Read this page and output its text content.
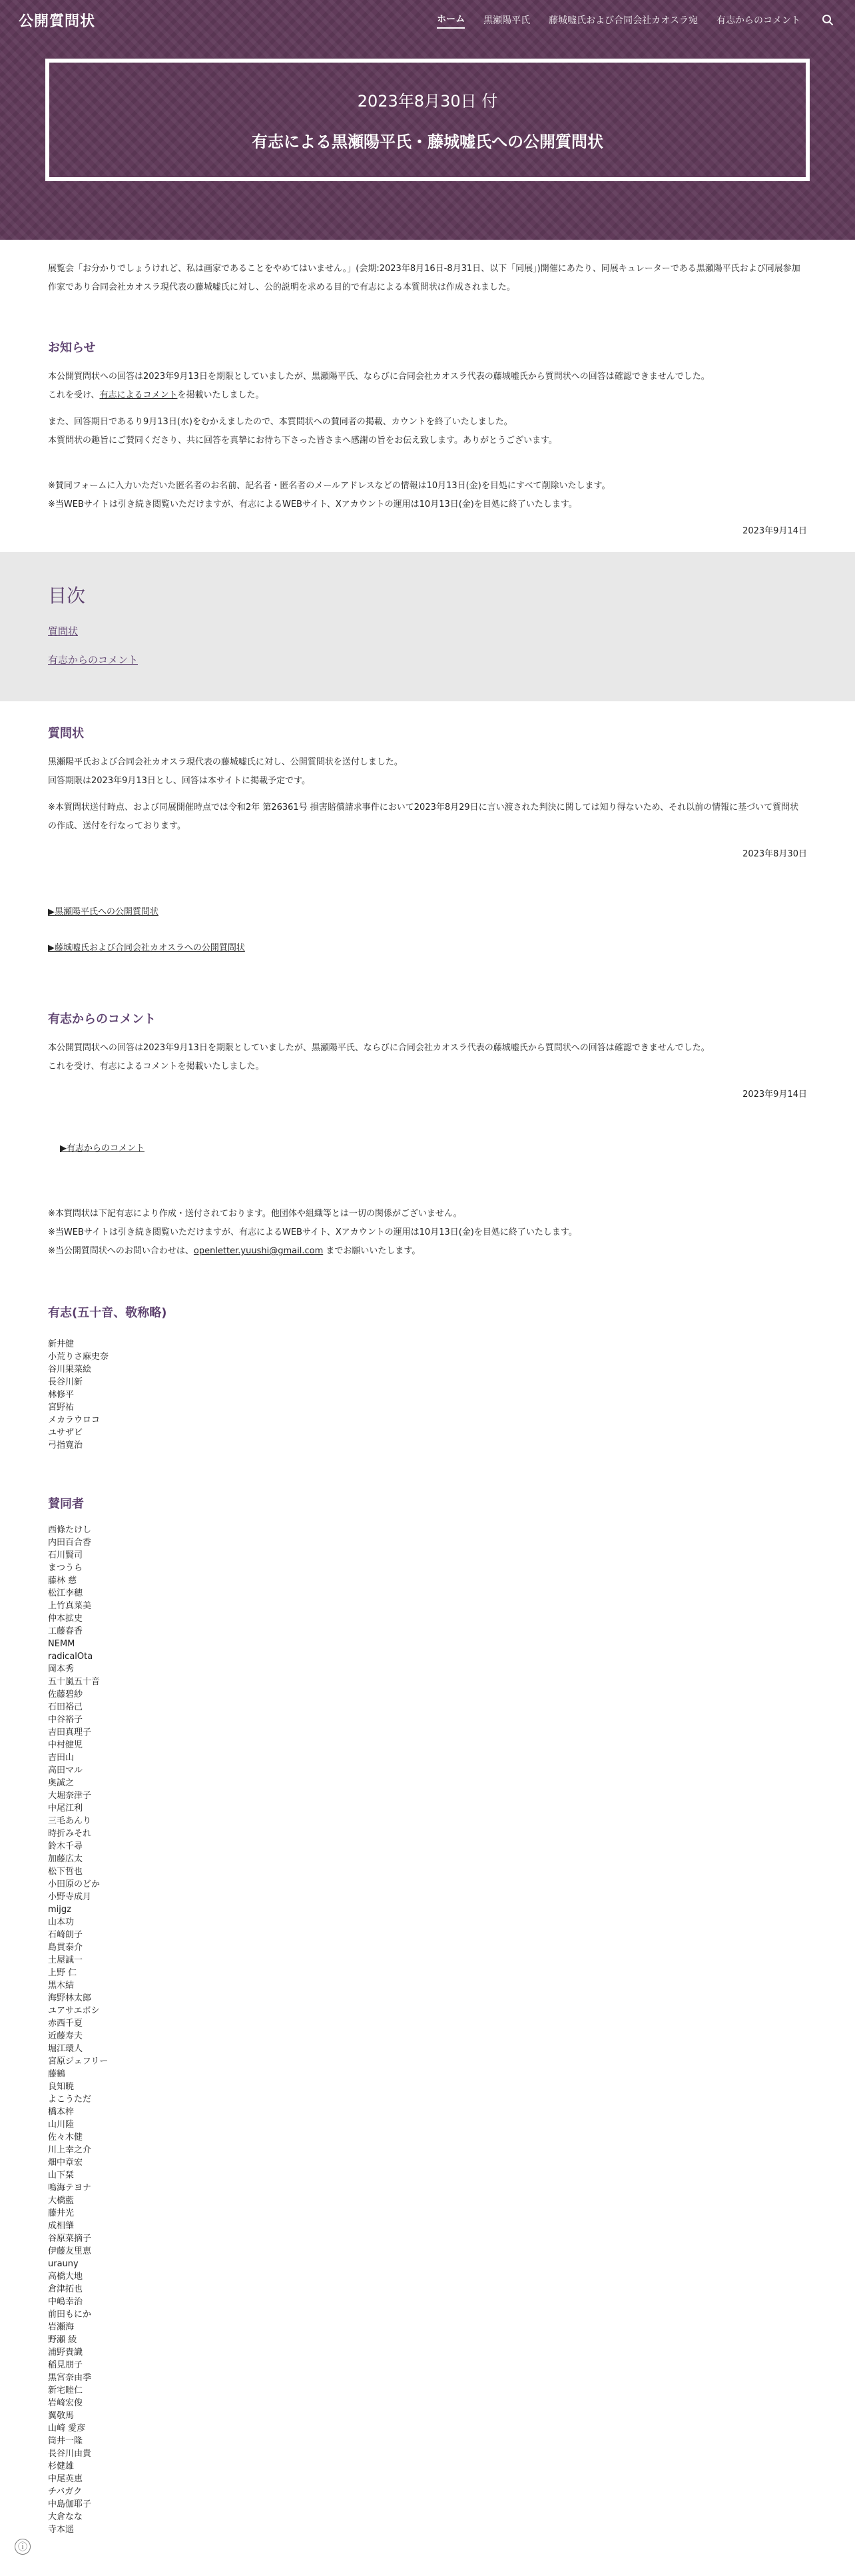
公開質問状	ホーム 黒瀬陽平氏 藤城嘘氏および合同会社カオスラ宛 有志からのコメント
2023年8月30日 付
有志による黒瀬陽平氏・藤城嘘氏への公開質問状

展覧会「お分かりでしょうけれど、私は画家であることをやめてはいません。」(会期:2023年8月16日-8月31日、以下「同展」)開催にあたり、同展キュレーターである黒瀬陽平氏および同展参加作家であり合同会社カオスラ現代表の藤城嘘氏に対し、公的説明を求める目的で有志による本質問状は作成されました。

お知らせ

本公開質問状への回答は2023年9月13日を期限としていましたが、黒瀬陽平氏、ならびに合同会社カオスラ代表の藤城嘘氏から質問状への回答は確認できませんでした。

これを受け、有志によるコメントを掲載いたしました。

また、回答期日であるり9月13日(水)をむかえましたので、本質問状への賛同者の掲載、カウントを終了いたしました。

本質問状の趣旨にご賛同くださり、共に回答を真摯にお待ち下さった皆さまへ感謝の旨をお伝え致します。ありがとうございます。

※賛同フォームに入力いただいた匿名者のお名前、記名者・匿名者のメールアドレスなどの情報は10月13日(金)を目処にすべて削除いたします。

※当WEBサイトは引き続き閲覧いただけますが、有志によるWEBサイト、Xアカウントの運用は10月13日(金)を目処に終了いたします。

2023年9月14日

目次
質問状
有志からのコメント
質問状

黒瀬陽平氏および合同会社カオスラ現代表の藤城嘘氏に対し、公開質問状を送付しました。

回答期限は2023年9月13日とし、回答は本サイトに掲載予定です。

※本質問状送付時点、および同展開催時点では令和2年 第26361号 損害賠償請求事件において2023年8月29日に言い渡された判決に関しては知り得ないため、それ以前の情報に基づいて質問状の作成、送付を行なっております。

2023年8月30日

▶︎黒瀬陽平氏への公開質問状

▶︎藤城嘘氏および合同会社カオスラへの公開質問状

有志からのコメント

本公開質問状への回答は2023年9月13日を期限としていましたが、黒瀬陽平氏、ならびに合同会社カオスラ代表の藤城嘘氏から質問状への回答は確認できませんでした。

これを受け、有志によるコメントを掲載いたしました。

2023年9月14日

▶︎有志からのコメント

※本質問状は下記有志により作成・送付されております。他団体や組織等とは一切の関係がございません。

※当WEBサイトは引き続き閲覧いただけますが、有志によるWEBサイト、Xアカウントの運用は10月13日(金)を目処に終了いたします。

※当公開質問状へのお問い合わせは、openletter.yuushi@gmail.com までお願いいたします。

有志(五十音、敬称略)
新井健
小荒りさ麻史奈
谷川果菜絵
長谷川新
林修平
宮野祐
メカラウロコ
ユサザビ
弓指寛治
賛同者
西條たけし
内田百合香
石川賢司
まつうら
藤林 慈
松江李穂
上竹真菜美
仲本拡史
工藤春香
NEMM
radicalOta
岡本秀
五十嵐五十音
佐藤碧紗
石田裕己
中谷裕子
吉田真理子
中村健児
吉田山
高田マル
奥誠之
大堀奈津子
中尾江利
三毛あんり
時折みそれ
鈴木千尋
加藤広太
松下哲也
小田原のどか
小野寺成月
mijgz
山本功
石崎朗子
島貫泰介
土屋誠一
上野 仁
黒木結
海野林太郎
ユアサエボシ
赤西千夏
近藤寿夫
堀江環人
宮原ジェフリー
藤鶴
良知暁
よこうただ
橋本梓
山川陸
佐々木健
川上幸之介
畑中章宏
山下栞
鳴海テヨナ
大橋藍
藤井光
成相肇
谷原菜摘子
伊藤友里恵
urauny
高橋大地
倉津拓也
中嶋幸治
前田もにか
岩瀬海
野瀬 綾
浦野貴識
稲見朋子
黒宮奈由季
新宅睦仁
岩崎宏俊
翼敬馬
山崎 愛彦
筒井一隆
長谷川由貴
杉健雄
中尾英恵
チバガク
中島伽耶子
大倉なな
寺本遥
ⓘ
